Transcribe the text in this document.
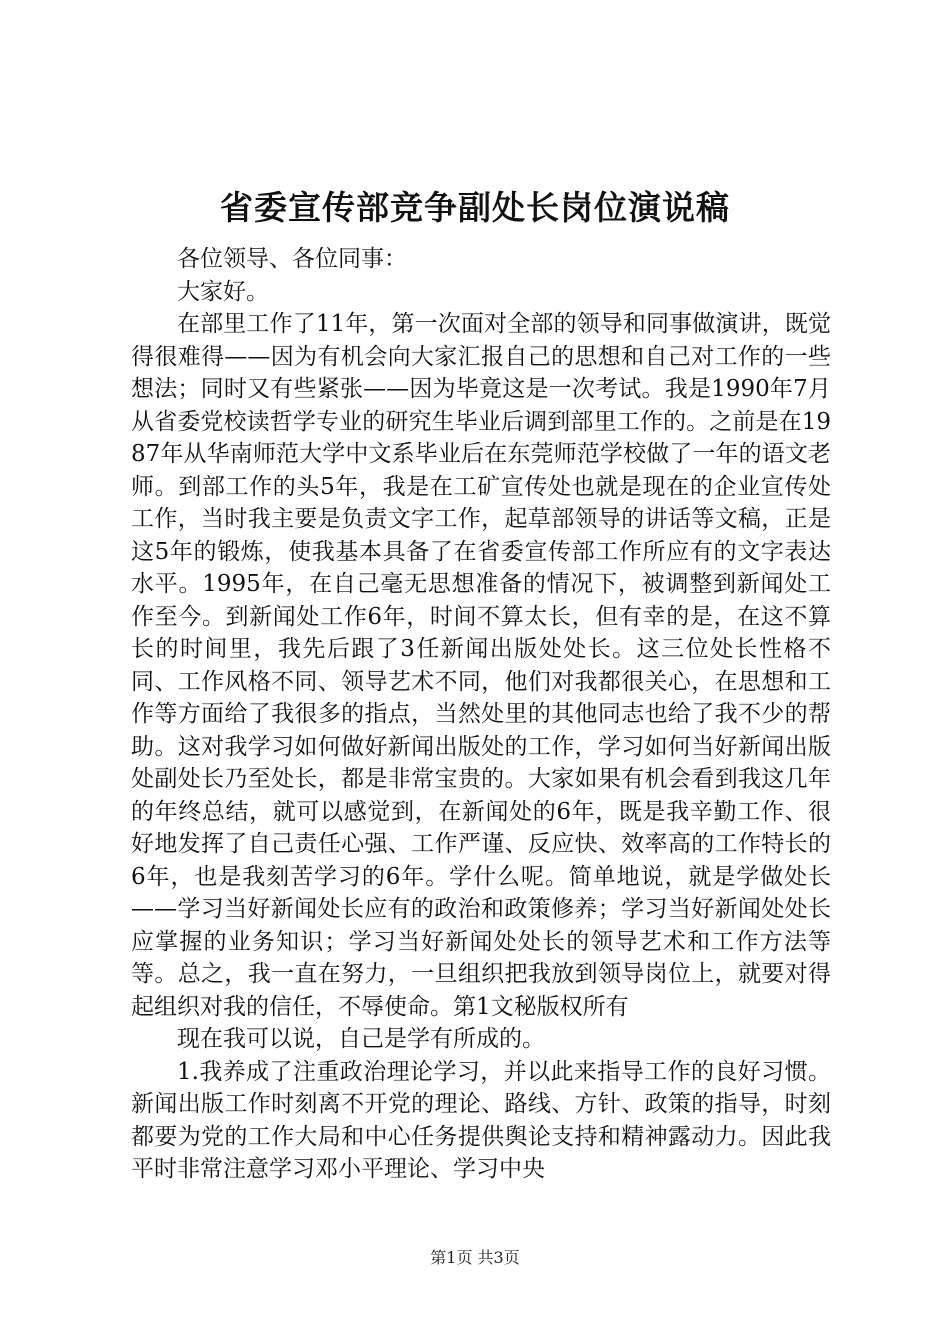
省委宣传部竞争副处长岗位演说稿

各位领导、各位同事：

大家好。

在部里工作了11年，第一次面对全部的领导和同事做演讲，既觉得很难得——因为有机会向大家汇报自己的思想和自己对工作的一些想法；同时又有些紧张——因为毕竟这是一次考试。我是1990年7月从省委党校读哲学专业的研究生毕业后调到部里工作的。之前是在1987年从华南师范大学中文系毕业后在东莞师范学校做了一年的语文老师。到部工作的头5年，我是在工矿宣传处也就是现在的企业宣传处工作，当时我主要是负责文字工作，起草部领导的讲话等文稿，正是这5年的锻炼，使我基本具备了在省委宣传部工作所应有的文字表达水平。1995年，在自己毫无思想准备的情况下，被调整到新闻处工作至今。到新闻处工作6年，时间不算太长，但有幸的是，在这不算长的时间里，我先后跟了3任新闻出版处处长。这三位处长性格不同、工作风格不同、领导艺术不同，他们对我都很关心，在思想和工作等方面给了我很多的指点，当然处里的其他同志也给了我不少的帮助。这对我学习如何做好新闻出版处的工作，学习如何当好新闻出版处副处长乃至处长，都是非常宝贵的。大家如果有机会看到我这几年的年终总结，就可以感觉到，在新闻处的6年，既是我辛勤工作、很好地发挥了自己责任心强、工作严谨、反应快、效率高的工作特长的6年，也是我刻苦学习的6年。学什么呢。简单地说，就是学做处长——学习当好新闻处长应有的政治和政策修养；学习当好新闻处处长应掌握的业务知识；学习当好新闻处处长的领导艺术和工作方法等等。总之，我一直在努力，一旦组织把我放到领导岗位上，就要对得起组织对我的信任，不辱使命。第1文秘版权所有

现在我可以说，自己是学有所成的。

1.我养成了注重政治理论学习，并以此来指导工作的良好习惯。新闻出版工作时刻离不开党的理论、路线、方针、政策的指导，时刻都要为党的工作大局和中心任务提供舆论支持和精神露动力。因此我平时非常注意学习邓小平理论、学习中央

第1页 共3页
